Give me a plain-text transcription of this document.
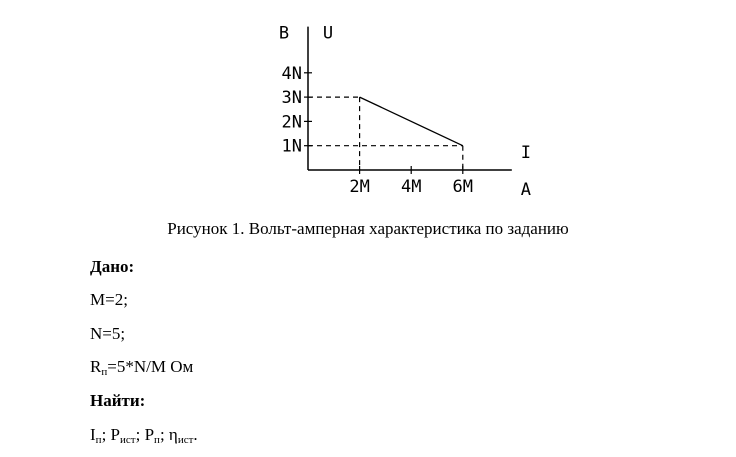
1N
2N
3N
4N
2M 4M 6M
B U
I
A
Рисунок 1. Вольт-амперная характеристика по заданию
Дано:
M=2;
N=5;
$R_п=5*N/M$ Ом
Найти:
$I_п$; $P_{ист}$; $P_п$; $\eta_{ист}$.
